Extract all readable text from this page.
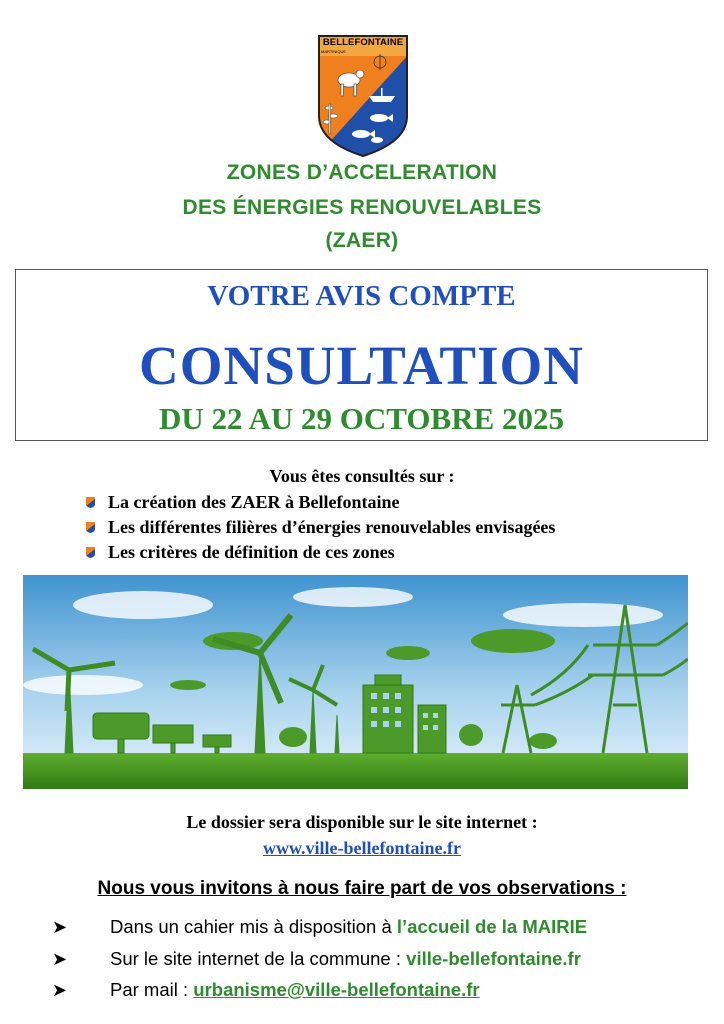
BELLEFONTAINE
MARTINIQUE
ZONES D’ACCELERATION
DES ÉNERGIES RENOUVELABLES
(ZAER)
VOTRE AVIS COMPTE
CONSULTATION
DU 22 AU 29 OCTOBRE 2025
Vous êtes consultés sur :
La création des ZAER à Bellefontaine
Les différentes filières d’énergies renouvelables envisagées
Les critères de définition de ces zones
Le dossier sera disponible sur le site internet :
www.ville-bellefontaine.fr
Nous vous invitons à nous faire part de vos observations :
➤	Dans un cahier mis à disposition à l’accueil de la MAIRIE
➤	Sur le site internet de la commune : ville-bellefontaine.fr
➤	Par mail : urbanisme@ville-bellefontaine.fr
